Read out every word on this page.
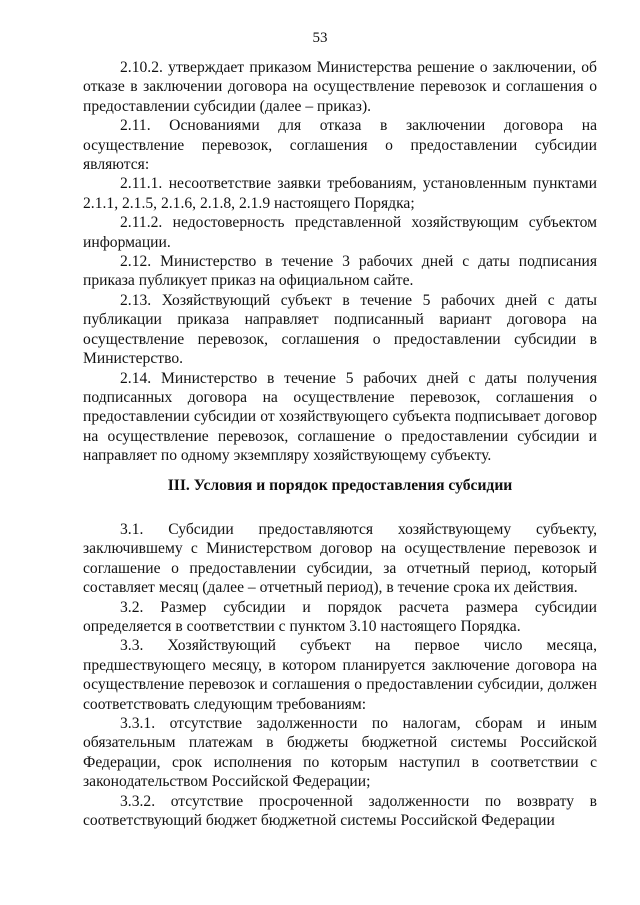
53

2.10.2. утверждает приказом Министерства решение о заключении, об отказе в заключении договора на осуществление перевозок и соглашения о предоставлении субсидии (далее – приказ).

2.11. Основаниями для отказа в заключении договора на осуществление перевозок, соглашения о предоставлении субсидии являются:

2.11.1. несоответствие заявки требованиям, установленным пунктами 2.1.1, 2.1.5, 2.1.6, 2.1.8, 2.1.9 настоящего Порядка;

2.11.2. недостоверность представленной хозяйствующим субъектом информации.

2.12. Министерство в течение 3 рабочих дней с даты подписания приказа публикует приказ на официальном сайте.

2.13. Хозяйствующий субъект в течение 5 рабочих дней с даты публикации приказа направляет подписанный вариант договора на осуществление перевозок, соглашения о предоставлении субсидии в Министерство.

2.14. Министерство в течение 5 рабочих дней с даты получения подписанных договора на осуществление перевозок, соглашения о предоставлении субсидии от хозяйствующего субъекта подписывает договор на осуществление перевозок, соглашение о предоставлении субсидии и направляет по одному экземпляру хозяйствующему субъекту.

III. Условия и порядок предоставления субсидии

3.1. Субсидии предоставляются хозяйствующему субъекту, заключившему с Министерством договор на осуществление перевозок и соглашение о предоставлении субсидии, за отчетный период, который составляет месяц (далее – отчетный период), в течение срока их действия.

3.2. Размер субсидии и порядок расчета размера субсидии определяется в соответствии с пунктом 3.10 настоящего Порядка.

3.3. Хозяйствующий субъект на первое число месяца, предшествующего месяцу, в котором планируется заключение договора на осуществление перевозок и соглашения о предоставлении субсидии, должен соответствовать следующим требованиям:

3.3.1. отсутствие задолженности по налогам, сборам и иным обязательным платежам в бюджеты бюджетной системы Российской Федерации, срок исполнения по которым наступил в соответствии с законодательством Российской Федерации;

3.3.2. отсутствие просроченной задолженности по возврату в соответствующий бюджет бюджетной системы Российской Федерации
